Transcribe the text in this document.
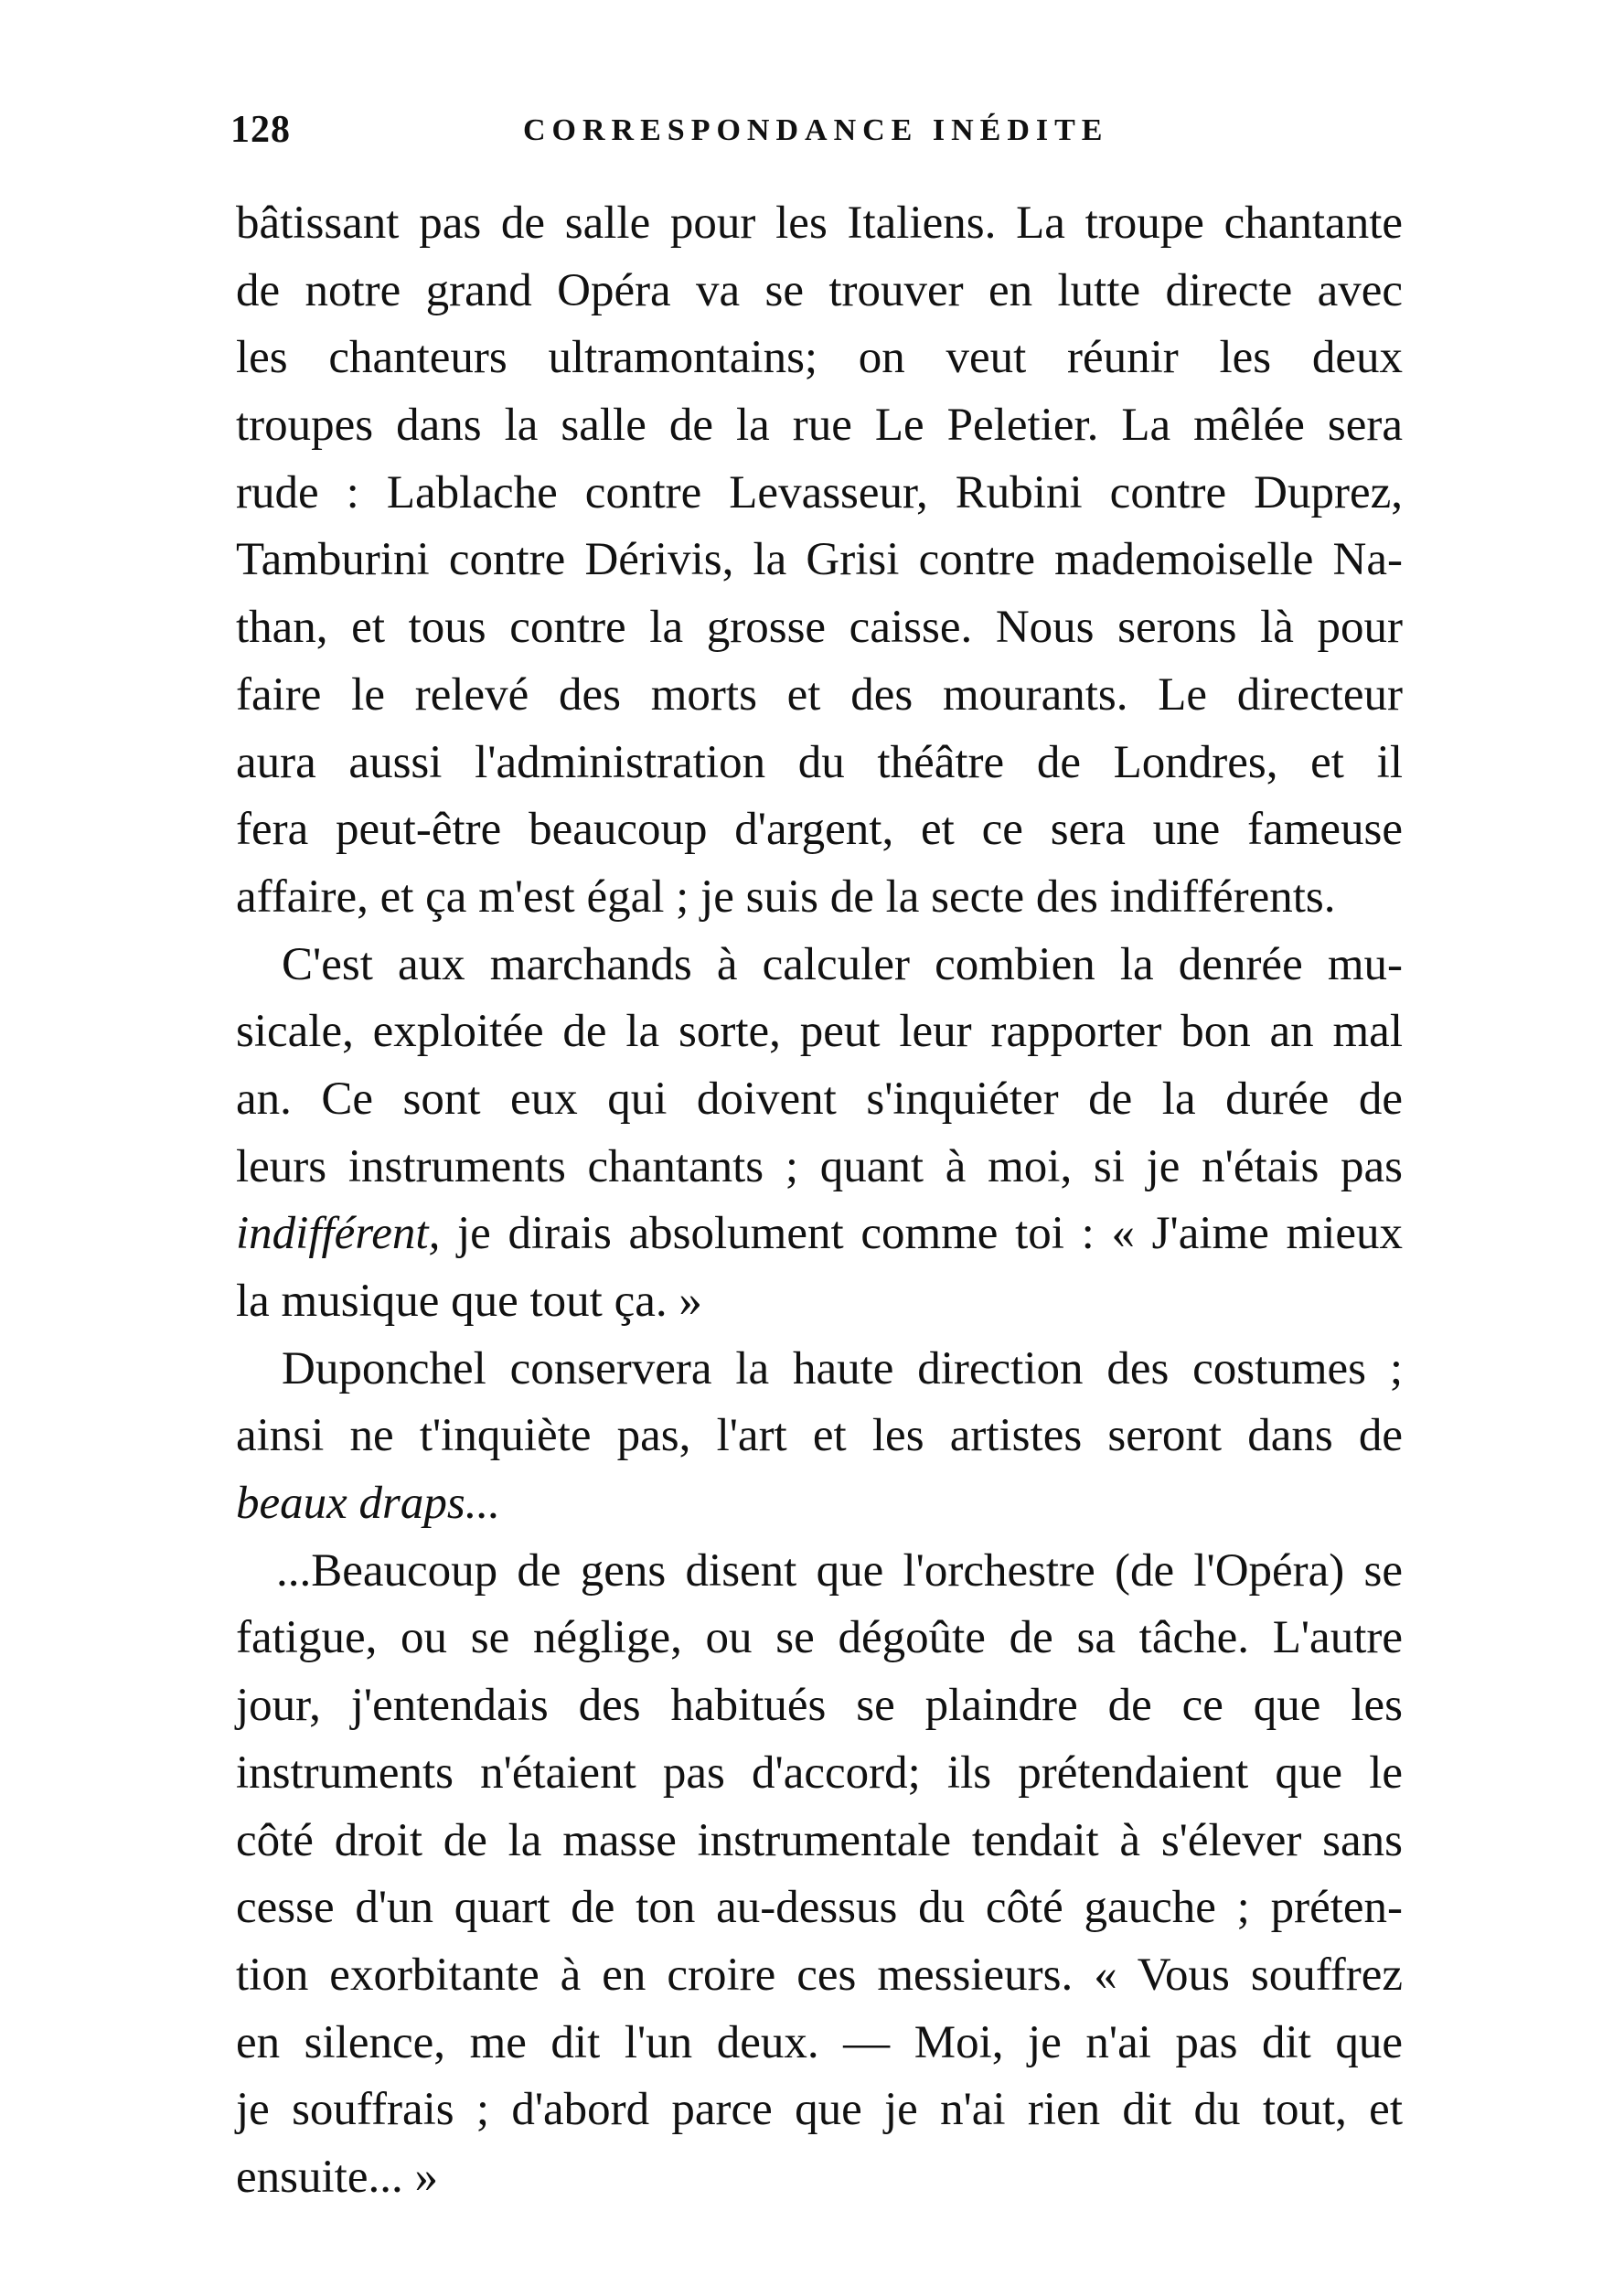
128	CORRESPONDANCE INÉDITE
bâtissant pas de salle pour les Italiens. La troupe chantante
de notre grand Opéra va se trouver en lutte directe avec
les chanteurs ultramontains; on veut réunir les deux
troupes dans la salle de la rue Le Peletier. La mêlée sera
rude : Lablache contre Levasseur, Rubini contre Duprez,
Tamburini contre Dérivis, la Grisi contre mademoiselle Na-
than, et tous contre la grosse caisse. Nous serons là pour
faire le relevé des morts et des mourants. Le directeur
aura aussi l'administration du théâtre de Londres, et il
fera peut-être beaucoup d'argent, et ce sera une fameuse
affaire, et ça m'est égal ; je suis de la secte des indifférents.
C'est aux marchands à calculer combien la denrée mu-
sicale, exploitée de la sorte, peut leur rapporter bon an mal
an. Ce sont eux qui doivent s'inquiéter de la durée de
leurs instruments chantants ; quant à moi, si je n'étais pas
indifférent, je dirais absolument comme toi : « J'aime mieux
la musique que tout ça. »
Duponchel conservera la haute direction des costumes ;
ainsi ne t'inquiète pas, l'art et les artistes seront dans de
beaux draps...
...Beaucoup de gens disent que l'orchestre (de l'Opéra) se
fatigue, ou se néglige, ou se dégoûte de sa tâche. L'autre
jour, j'entendais des habitués se plaindre de ce que les
instruments n'étaient pas d'accord; ils prétendaient que le
côté droit de la masse instrumentale tendait à s'élever sans
cesse d'un quart de ton au-dessus du côté gauche ; préten-
tion exorbitante à en croire ces messieurs. « Vous souffrez
en silence, me dit l'un deux. — Moi, je n'ai pas dit que
je souffrais ; d'abord parce que je n'ai rien dit du tout, et
ensuite... »
